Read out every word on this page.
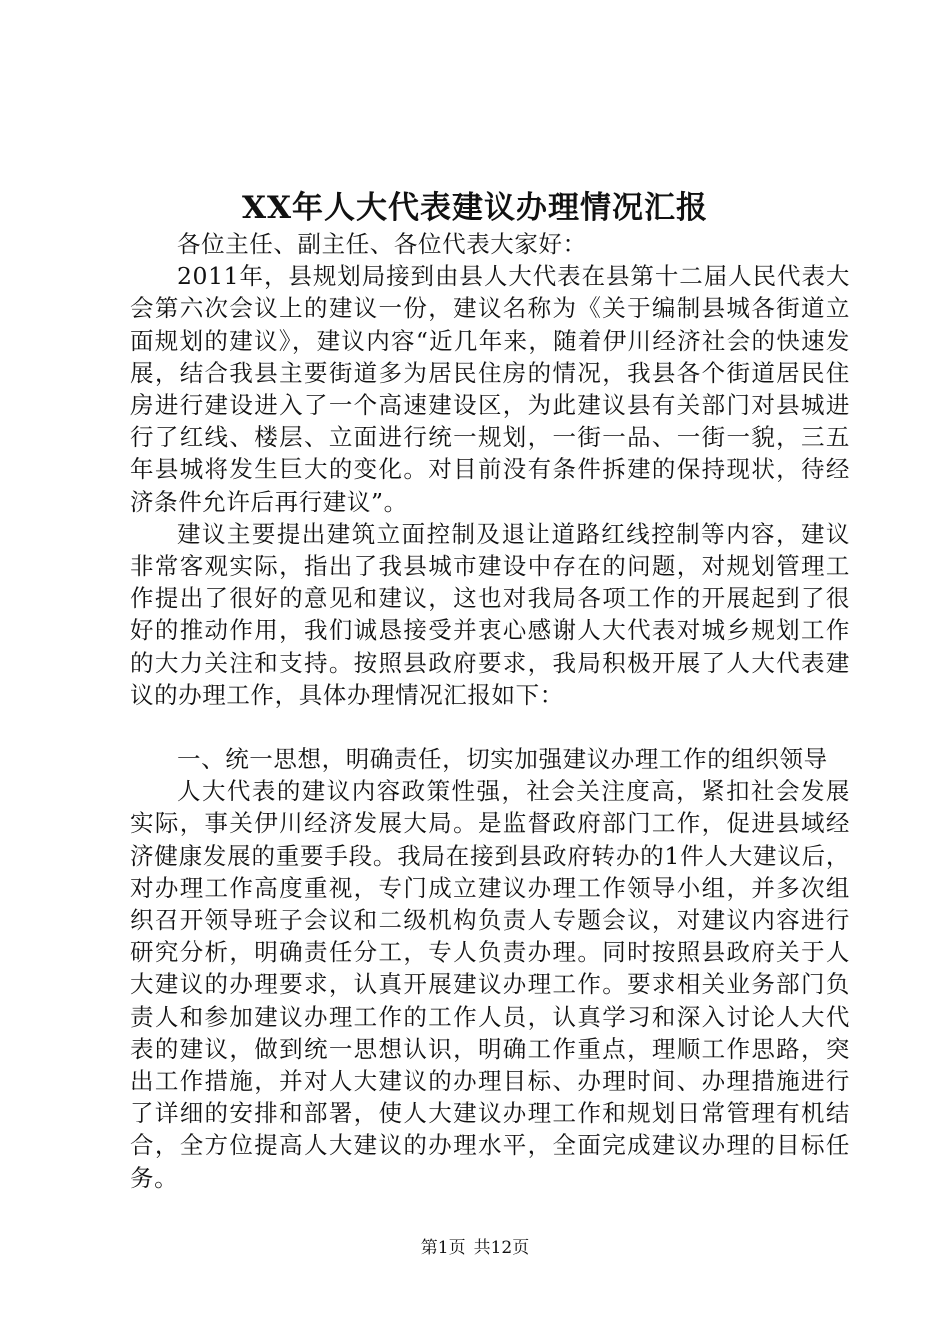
XX年人大代表建议办理情况汇报

各位主任、副主任、各位代表大家好：

2011年，县规划局接到由县人大代表在县第十二届人民代表大会第六次会议上的建议一份，建议名称为《关于编制县城各街道立面规划的建议》，建议内容“近几年来，随着伊川经济社会的快速发展，结合我县主要街道多为居民住房的情况，我县各个街道居民住房进行建设进入了一个高速建设区，为此建议县有关部门对县城进行了红线、楼层、立面进行统一规划，一街一品、一街一貌，三五年县城将发生巨大的变化。对目前没有条件拆建的保持现状，待经济条件允许后再行建议”。

建议主要提出建筑立面控制及退让道路红线控制等内容，建议非常客观实际，指出了我县城市建设中存在的问题，对规划管理工作提出了很好的意见和建议，这也对我局各项工作的开展起到了很好的推动作用，我们诚恳接受并衷心感谢人大代表对城乡规划工作的大力关注和支持。按照县政府要求，我局积极开展了人大代表建议的办理工作，具体办理情况汇报如下：

一、统一思想，明确责任，切实加强建议办理工作的组织领导

人大代表的建议内容政策性强，社会关注度高，紧扣社会发展实际，事关伊川经济发展大局。是监督政府部门工作，促进县域经济健康发展的重要手段。我局在接到县政府转办的1件人大建议后，对办理工作高度重视，专门成立建议办理工作领导小组，并多次组织召开领导班子会议和二级机构负责人专题会议，对建议内容进行研究分析，明确责任分工，专人负责办理。同时按照县政府关于人大建议的办理要求，认真开展建议办理工作。要求相关业务部门负责人和参加建议办理工作的工作人员，认真学习和深入讨论人大代表的建议，做到统一思想认识，明确工作重点，理顺工作思路，突出工作措施，并对人大建议的办理目标、办理时间、办理措施进行了详细的安排和部署，使人大建议办理工作和规划日常管理有机结合，全方位提高人大建议的办理水平，全面完成建议办理的目标任务。

第1页 共12页
